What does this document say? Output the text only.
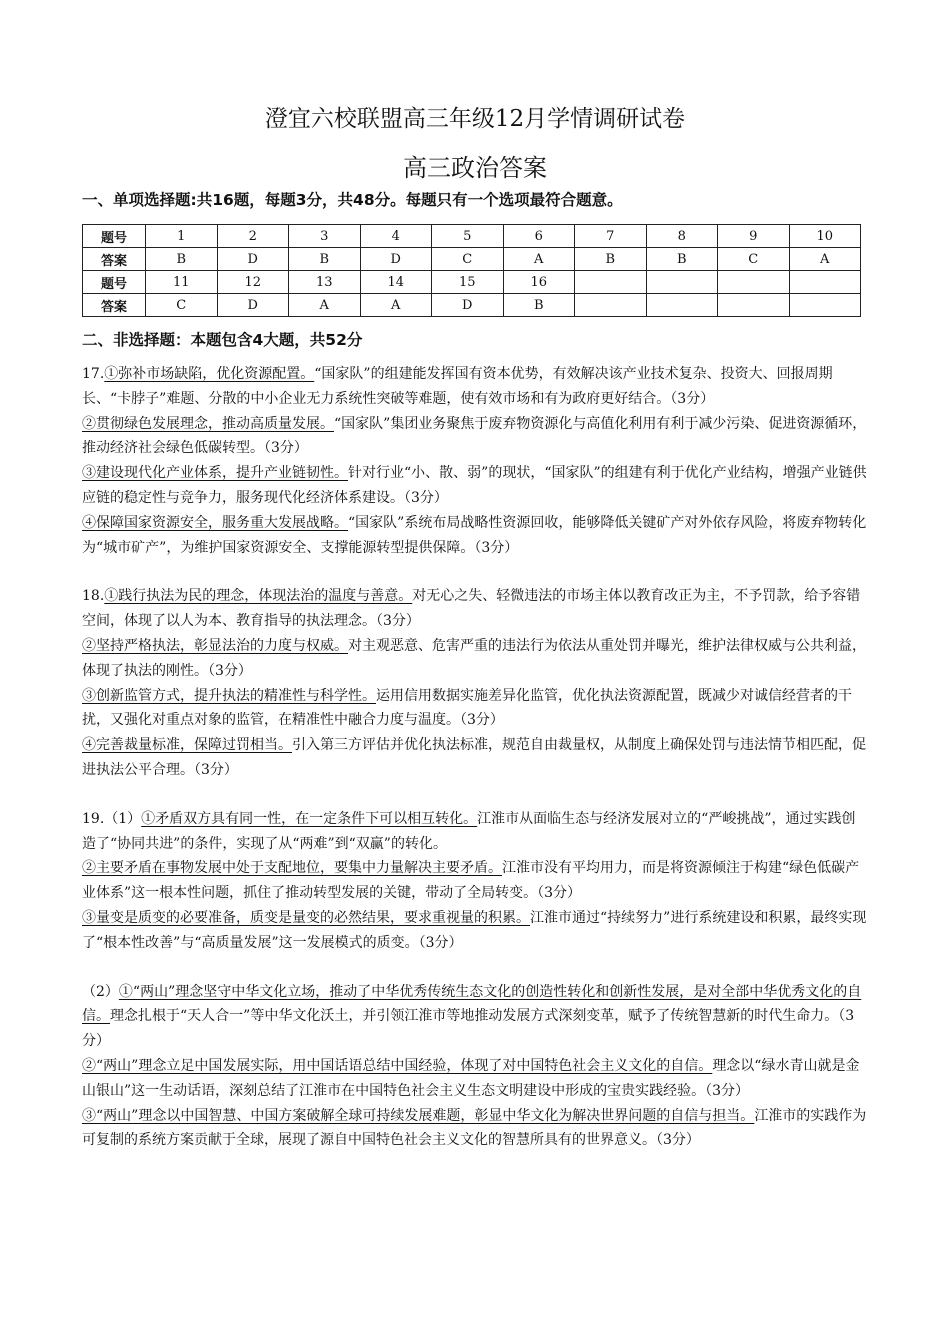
澄宜六校联盟高三年级12月学情调研试卷
高三政治答案
一、单项选择题:共16题，每题3分，共48分。每题只有一个选项最符合题意。
题号	1	2	3	4	5	6	7	8	9	10
答案	B	D	B	D	C	A	B	B	C	A
题号	11	12	13	14	15	16				
答案	C	D	A	A	D	B				
二、非选择题：本题包含4大题，共52分

17.①弥补市场缺陷，优化资源配置。“国家队”的组建能发挥国有资本优势，有效解决该产业技术复杂、投资大、回报周期长、“卡脖子”难题、分散的中小企业无力系统性突破等难题，使有效市场和有为政府更好结合。（3分）

②贯彻绿色发展理念，推动高质量发展。“国家队”集团业务聚焦于废弃物资源化与高值化利用有利于减少污染、促进资源循环，推动经济社会绿色低碳转型。（3分）

③建设现代化产业体系，提升产业链韧性。针对行业“小、散、弱”的现状，“国家队”的组建有利于优化产业结构，增强产业链供应链的稳定性与竞争力，服务现代化经济体系建设。（3分）

④保障国家资源安全，服务重大发展战略。“国家队”系统布局战略性资源回收，能够降低关键矿产对外依存风险，将废弃物转化为“城市矿产”，为维护国家资源安全、支撑能源转型提供保障。（3分）

18.①践行执法为民的理念，体现法治的温度与善意。对无心之失、轻微违法的市场主体以教育改正为主，不予罚款，给予容错空间，体现了以人为本、教育指导的执法理念。（3分）

②坚持严格执法，彰显法治的力度与权威。对主观恶意、危害严重的违法行为依法从重处罚并曝光，维护法律权威与公共利益，体现了执法的刚性。（3分）

③创新监管方式，提升执法的精准性与科学性。运用信用数据实施差异化监管，优化执法资源配置，既减少对诚信经营者的干扰，又强化对重点对象的监管，在精准性中融合力度与温度。（3分）

④完善裁量标准，保障过罚相当。引入第三方评估并优化执法标准，规范自由裁量权，从制度上确保处罚与违法情节相匹配，促进执法公平合理。（3分）

19.（1）①矛盾双方具有同一性，在一定条件下可以相互转化。江淮市从面临生态与经济发展对立的“严峻挑战”，通过实践创造了“协同共进”的条件，实现了从“两难”到“双赢”的转化。

②主要矛盾在事物发展中处于支配地位，要集中力量解决主要矛盾。江淮市没有平均用力，而是将资源倾注于构建“绿色低碳产业体系”这一根本性问题，抓住了推动转型发展的关键，带动了全局转变。（3分）

③量变是质变的必要准备，质变是量变的必然结果，要求重视量的积累。江淮市通过“持续努力”进行系统建设和积累，最终实现了“根本性改善”与“高质量发展”这一发展模式的质变。（3分）

（2）①“两山”理念坚守中华文化立场，推动了中华优秀传统生态文化的创造性转化和创新性发展，是对全部中华优秀文化的自信。理念扎根于“天人合一”等中华文化沃土，并引领江淮市等地推动发展方式深刻变革，赋予了传统智慧新的时代生命力。（3分）

②“两山”理念立足中国发展实际，用中国话语总结中国经验，体现了对中国特色社会主义文化的自信。理念以“绿水青山就是金山银山”这一生动话语，深刻总结了江淮市在中国特色社会主义生态文明建设中形成的宝贵实践经验。（3分）

③“两山”理念以中国智慧、中国方案破解全球可持续发展难题，彰显中华文化为解决世界问题的自信与担当。江淮市的实践作为可复制的系统方案贡献于全球，展现了源自中国特色社会主义文化的智慧所具有的世界意义。（3分）
